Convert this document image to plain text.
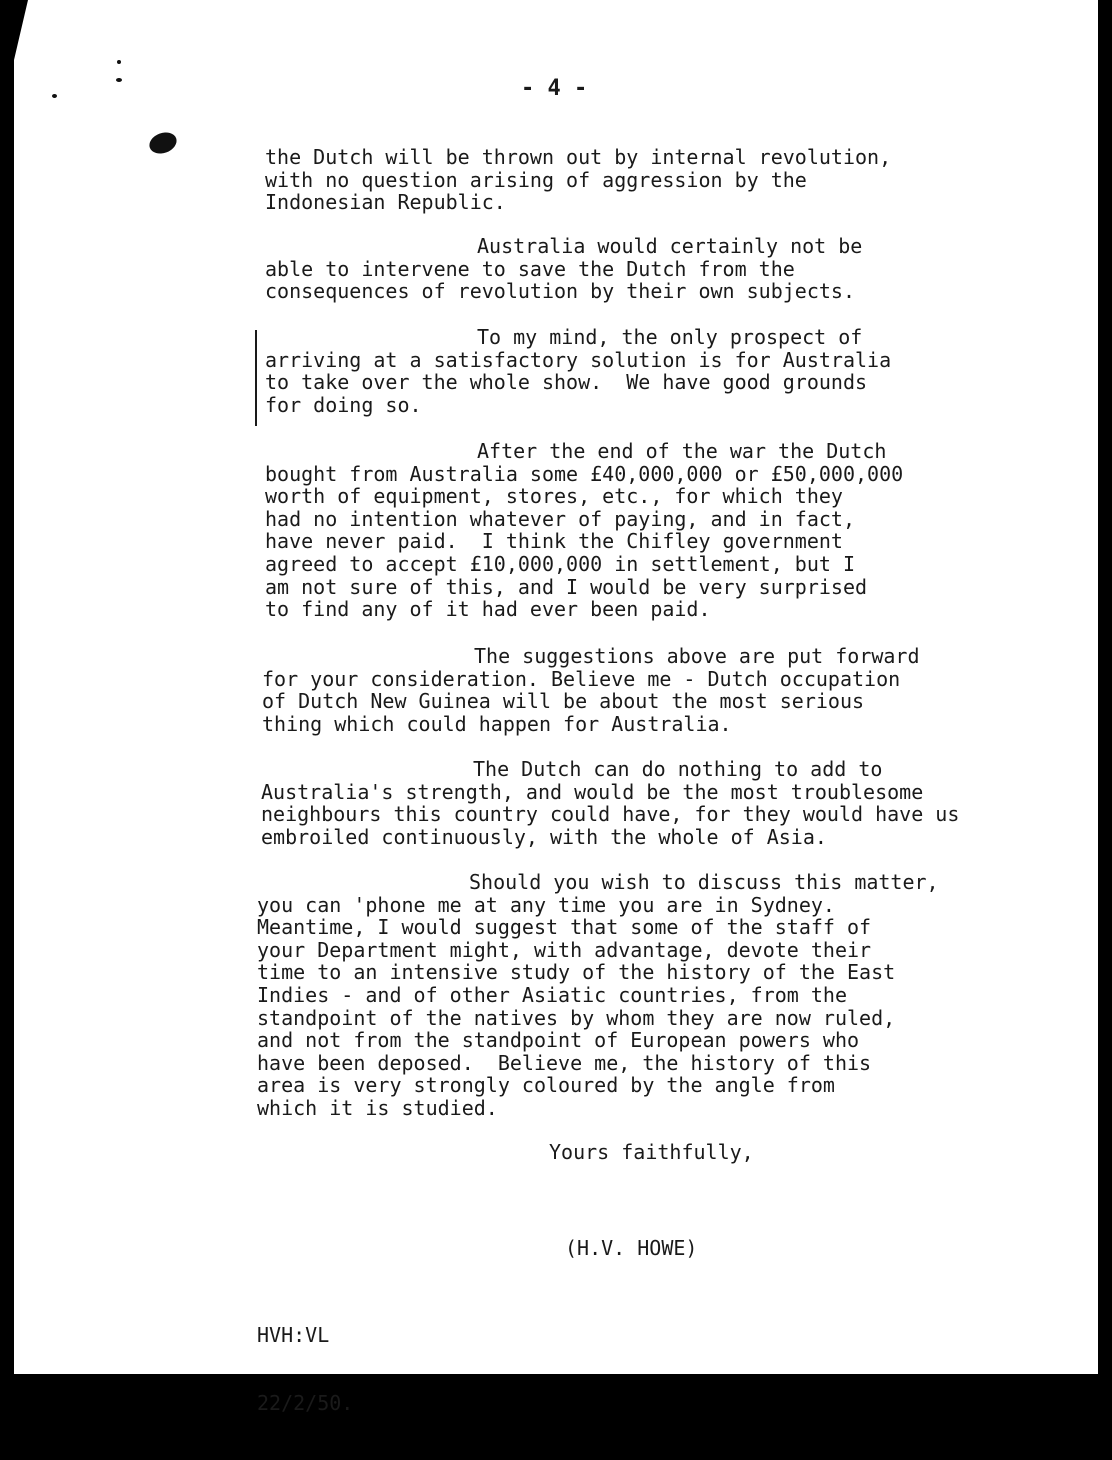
- 4 -
the Dutch will be thrown out by internal revolution,
with no question arising of aggression by the
Indonesian Republic.
Australia would certainly not be
able to intervene to save the Dutch from the
consequences of revolution by their own subjects.
To my mind, the only prospect of
arriving at a satisfactory solution is for Australia
to take over the whole show.  We have good grounds
for doing so.
After the end of the war the Dutch
bought from Australia some £40,000,000 or £50,000,000
worth of equipment, stores, etc., for which they
had no intention whatever of paying, and in fact,
have never paid.  I think the Chifley government
agreed to accept £10,000,000 in settlement, but I
am not sure of this, and I would be very surprised
to find any of it had ever been paid.
The suggestions above are put forward
for your consideration. Believe me - Dutch occupation
of Dutch New Guinea will be about the most serious
thing which could happen for Australia.
The Dutch can do nothing to add to
Australia's strength, and would be the most troublesome
neighbours this country could have, for they would have us
embroiled continuously, with the whole of Asia.
Should you wish to discuss this matter,
you can 'phone me at any time you are in Sydney.
Meantime, I would suggest that some of the staff of
your Department might, with advantage, devote their
time to an intensive study of the history of the East
Indies - and of other Asiatic countries, from the
standpoint of the natives by whom they are now ruled,
and not from the standpoint of European powers who
have been deposed.  Believe me, the history of this
area is very strongly coloured by the angle from
which it is studied.
Yours faithfully,
(H.V. HOWE)

HVH:VL

22/2/50.
